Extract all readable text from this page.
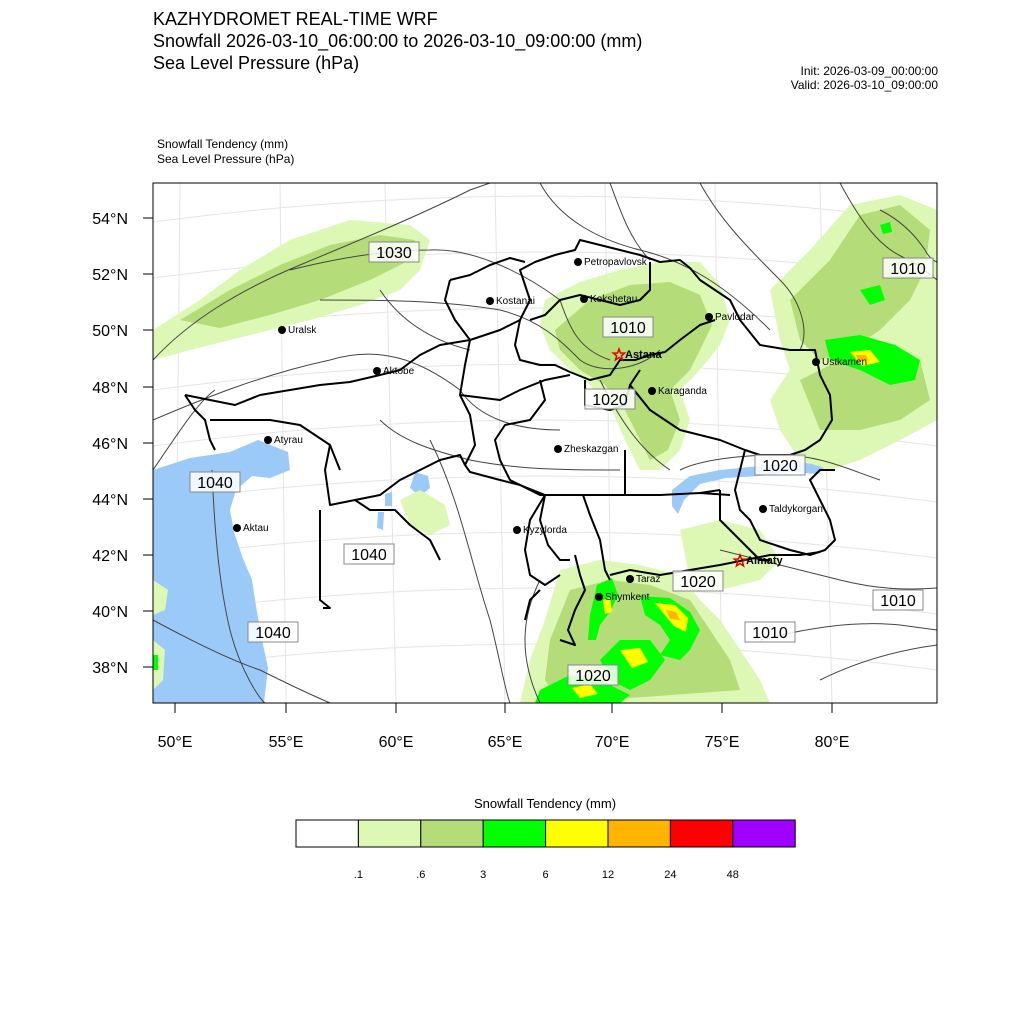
54°N
52°N
50°N
48°N
46°N
44°N
42°N
40°N
38°N
50°E	55°E	60°E	65°E	70°E	75°E	80°E
1030
1010
1020
1010
1020
1040
1040
1040
1020
1010
1010
1020
Petropavlovsk
Kostanai	Kokshetau
Pavlodar
Uralsk
Astana
Aktobe
Karaganda
Ustkamen
Atyrau
Zheskazgan
Aktau	Kyzylorda
Taldykorgan
Almaty
Taraz
Shymkent
KAZHYDROMET REAL-TIME WRF
Snowfall 2026-03-10_06:00:00 to 2026-03-10_09:00:00 (mm)
Sea Level Pressure (hPa)	Init: 2026-03-09_00:00:00
Valid: 2026-03-10_09:00:00
Snowfall Tendency (mm)
Sea Level Pressure (hPa)
Snowfall Tendency (mm)
.1	.6	3	6	12	24	48
